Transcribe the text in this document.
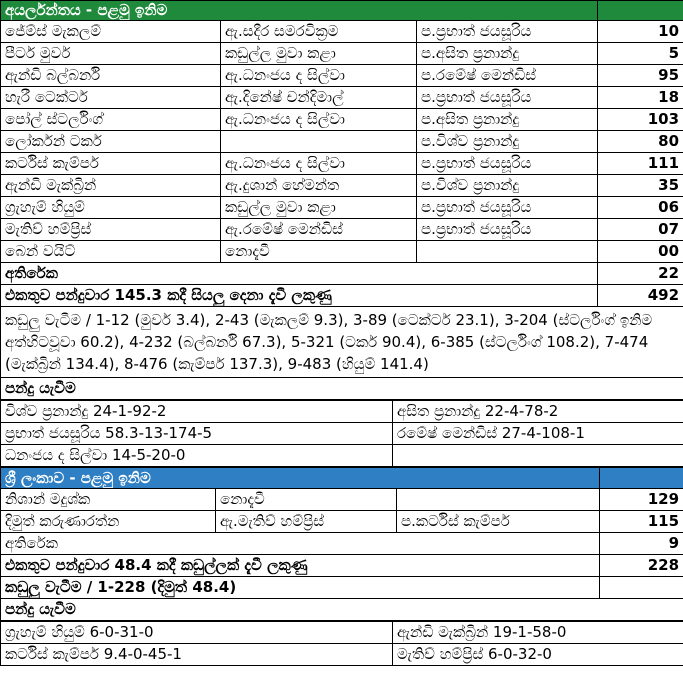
අයර්ලන්තය - පළමු ඉනිම			
ජේම්ස් මැකලම්	ඇ.සදීර සමරවික්‍රම	ප.ප්‍රභාත් ජයසූරිය	10
පීටර් මුවර්	කඩුල්ල මුවා කළා	ප.අසිත ප්‍රනාන්දු	5
ඇන්ඩි බල්බර්නි	ඇ.ධනංජය ද සිල්වා	ප.රමේෂ් මෙන්ඩිස්	95
හැරී ටෙක්ටර්	ඇ.දිනේෂ් චන්දිමාල්	ප.ප්‍රභාත් ජයසූරිය	18
පෝල් ස්ටර්ලිංග්	ඇ.ධනංජය ද සිල්වා	ප.අසිත ප්‍රනාන්දු	103
ලෝර්කන් ටකර්		ප.විශ්ව ප්‍රනාන්දු	80
කර්ටිස් කැම්පර්	ඇ.ධනංජය ද සිල්වා	ප.ප්‍රභාත් ජයසූරිය	111
ඇන්ඩි මැක්බ්‍රින්	ඇ.දුශාන් හේමන්ත	ප.විශ්ව ප්‍රනාන්දු	35
ග්‍රැහැම් හියුම්	කඩුල්ල මුවා කළා	ප.ප්‍රභාත් ජයසූරිය	06
මැතිව් හම්ප්‍රිස්	ඇ.රමේෂ් මෙන්ඩිස්	ප.ප්‍රභාත් ජයසූරිය	07
බෙන් වයිට්	නොදැවී		00
අතිරේක			22
එකතුව පන්දුවාර 145.3 කදී සියලු දෙනා දැවී ලකුණු			492
කඩුලු වැටීම / 1-12 (මුවර් 3.4), 2-43 (මැකලම් 9.3), 3-89 (ටෙක්ටර් 23.1), 3-204 (ස්ටර්ලිංග් ඉනිම අත්හිටවූවා 60.2), 4-232 (බල්බර්නි 67.3), 5-321 (ටකර් 90.4), 6-385 (ස්ටර්ලිංග් 108.2), 7-474 (මැක්බ්‍රින් 134.4), 8-476 (කැම්පර් 137.3), 9-483 (හියුම් 141.4)			
පන්දු යැවීම			
විශ්ව ප්‍රනාන්දු 24-1-92-2	අසිත ප්‍රනාන්දු 22-4-78-2
ප්‍රභාත් ජයසූරිය 58.3-13-174-5	රමේෂ් මෙන්ඩිස් 27-4-108-1
ධනංජය ද සිල්වා 14-5-20-0	
ශ්‍රී ලංකාව - පළමු ඉනිම			
නිශාන් මදුශ්ක	නොදැවී		129
දිමුත් කරුණාරත්න	ඇ.මැතිව් හම්ප්‍රිස්	ප.කර්ටිස් කැම්පර්	115
අතිරේක			9
එකතුව පන්දුවාර 48.4 කදී කඩුල්ලක් දැවී ලකුණු			228
කඩුලු වැටීම / 1-228 (දිමුත් 48.4)			
පන්දු යැවීම			
ග්‍රැහැම් හියුම් 6-0-31-0	ඇන්ඩි මැක්බ්‍රින් 19-1-58-0
කර්ටිස් කැම්පර් 9.4-0-45-1	මැතිව් හම්ප්‍රිස් 6-0-32-0
